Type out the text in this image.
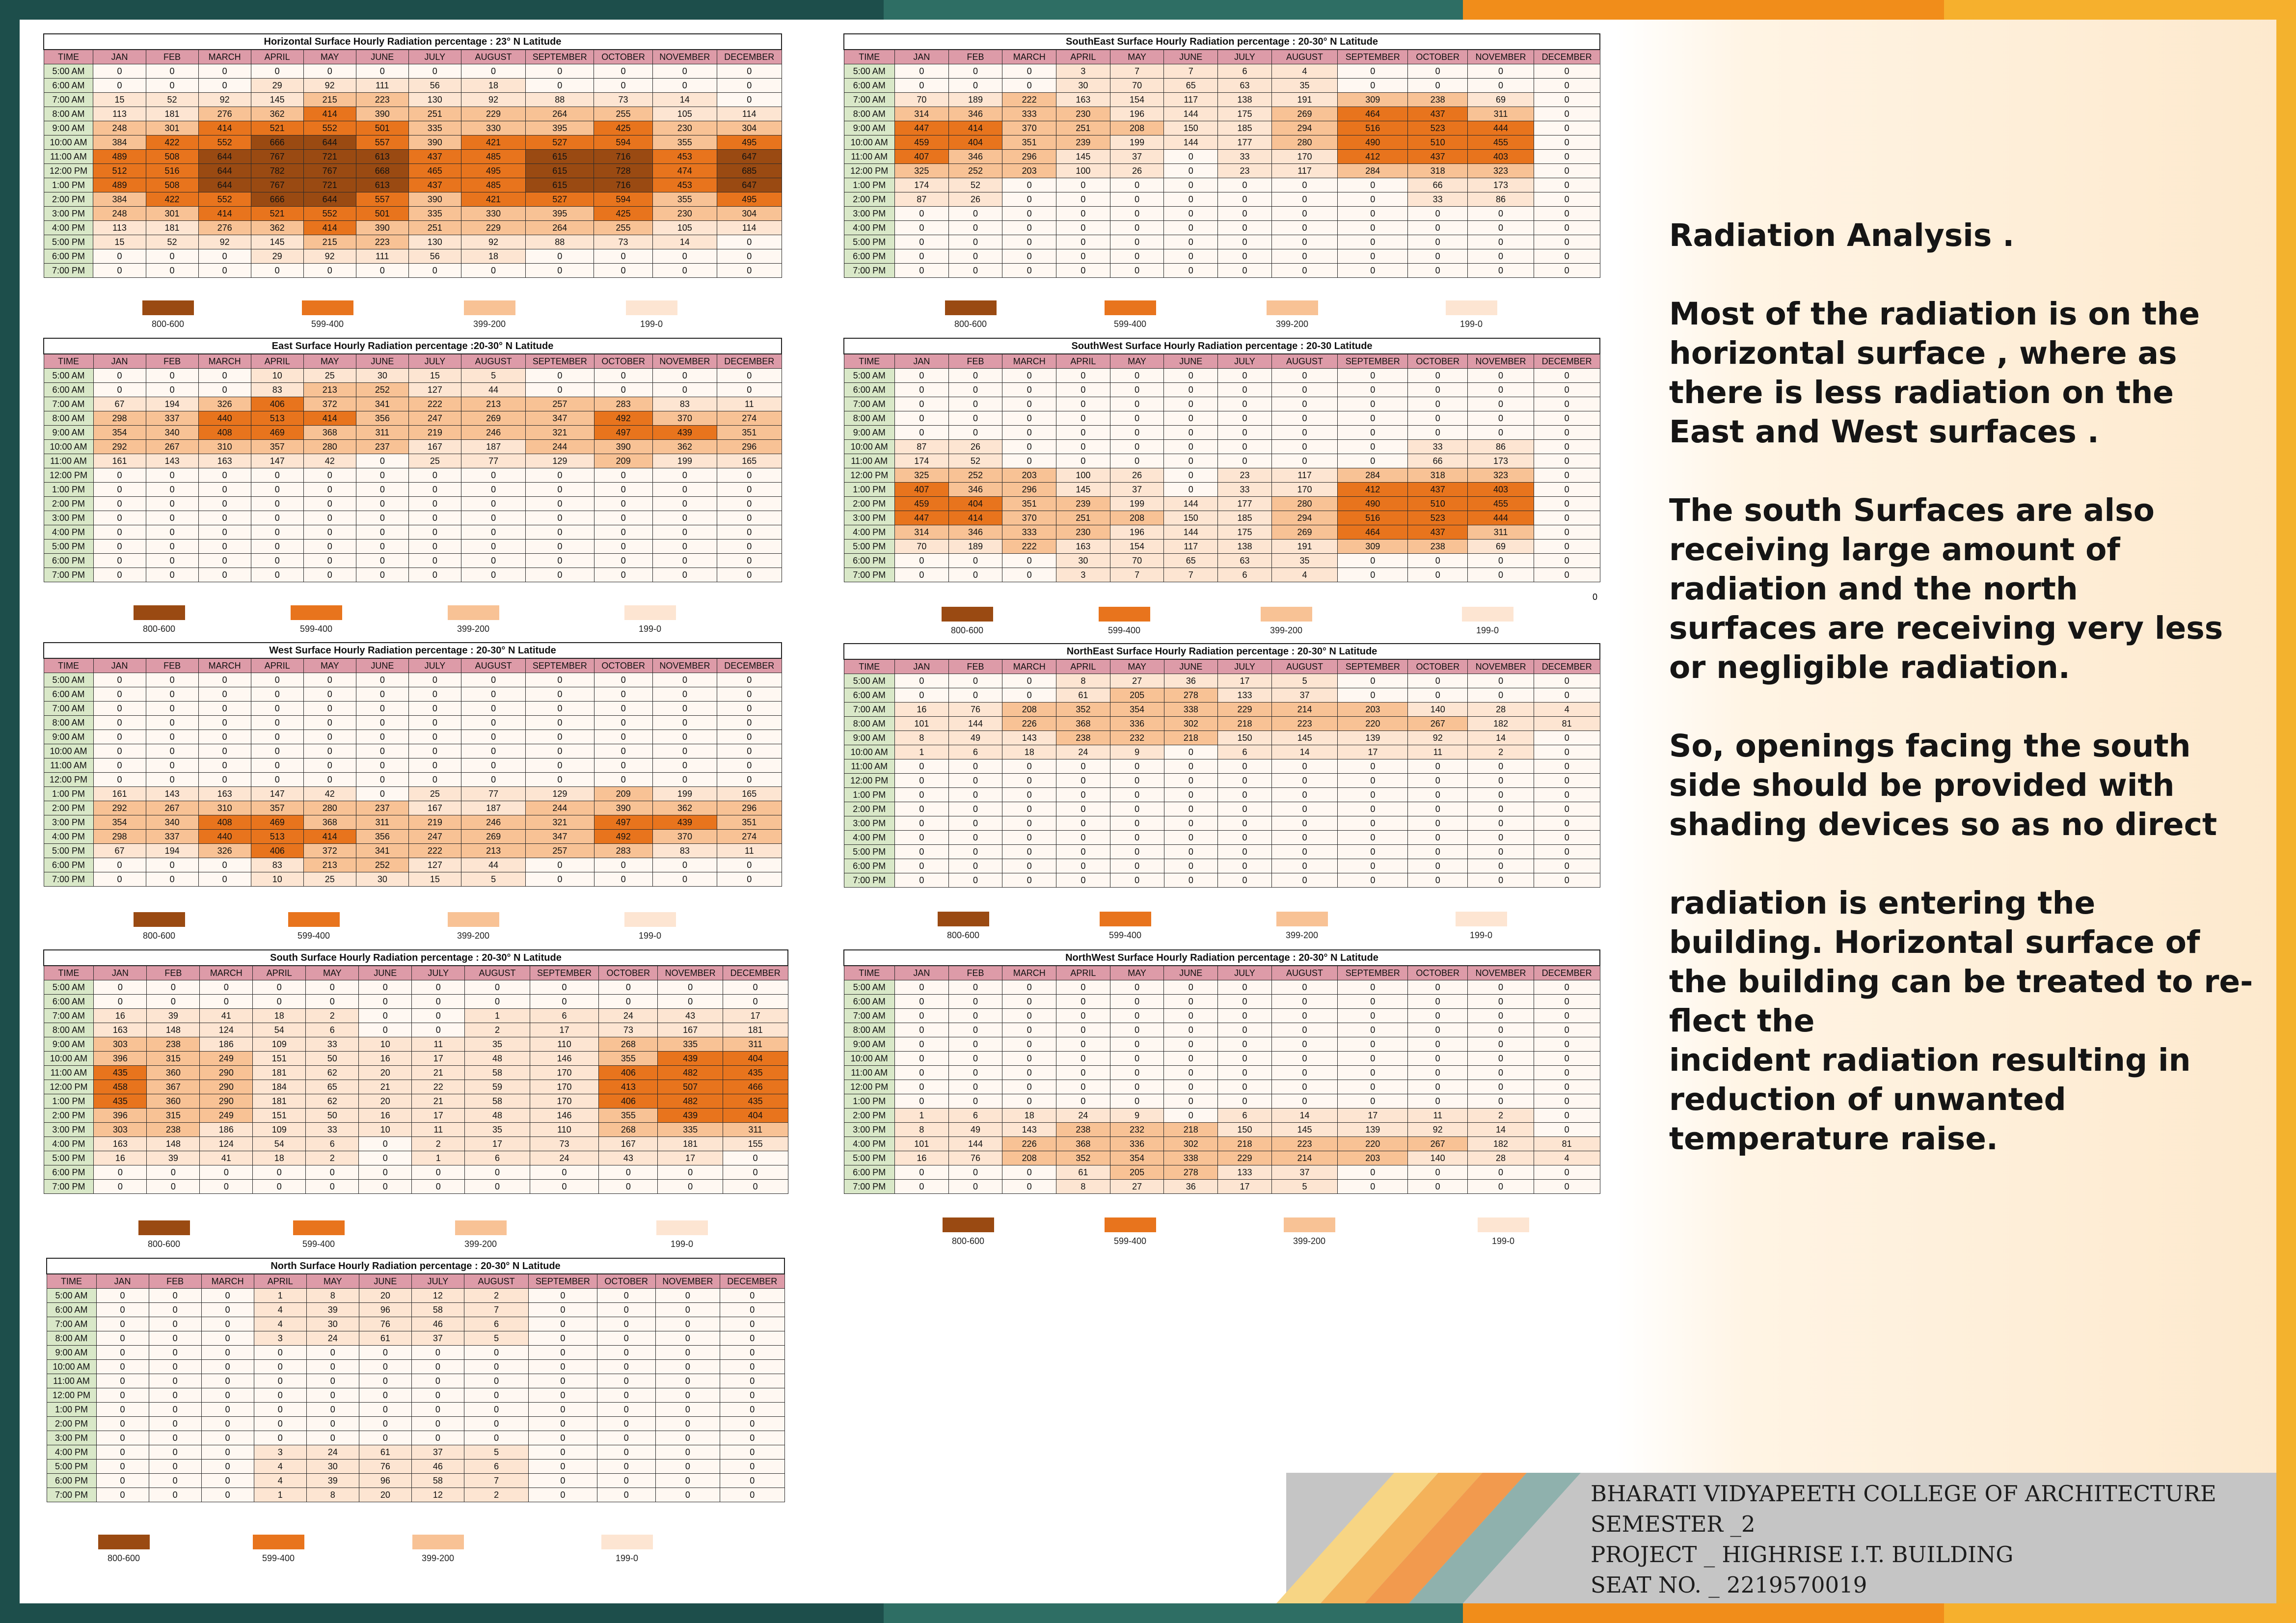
Horizontal Surface Hourly Radiation percentage : 23° N Latitude												
TIME	JAN	FEB	MARCH	APRIL	MAY	JUNE	JULY	AUGUST	SEPTEMBER	OCTOBER	NOVEMBER	DECEMBER
5:00 AM	0	0	0	0	0	0	0	0	0	0	0	0
6:00 AM	0	0	0	29	92	111	56	18	0	0	0	0
7:00 AM	15	52	92	145	215	223	130	92	88	73	14	0
8:00 AM	113	181	276	362	414	390	251	229	264	255	105	114
9:00 AM	248	301	414	521	552	501	335	330	395	425	230	304
10:00 AM	384	422	552	666	644	557	390	421	527	594	355	495
11:00 AM	489	508	644	767	721	613	437	485	615	716	453	647
12:00 PM	512	516	644	782	767	668	465	495	615	728	474	685
1:00 PM	489	508	644	767	721	613	437	485	615	716	453	647
2:00 PM	384	422	552	666	644	557	390	421	527	594	355	495
3:00 PM	248	301	414	521	552	501	335	330	395	425	230	304
4:00 PM	113	181	276	362	414	390	251	229	264	255	105	114
5:00 PM	15	52	92	145	215	223	130	92	88	73	14	0
6:00 PM	0	0	0	29	92	111	56	18	0	0	0	0
7:00 PM	0	0	0	0	0	0	0	0	0	0	0	0
East Surface Hourly Radiation percentage :20-30° N Latitude												
TIME	JAN	FEB	MARCH	APRIL	MAY	JUNE	JULY	AUGUST	SEPTEMBER	OCTOBER	NOVEMBER	DECEMBER
5:00 AM	0	0	0	10	25	30	15	5	0	0	0	0
6:00 AM	0	0	0	83	213	252	127	44	0	0	0	0
7:00 AM	67	194	326	406	372	341	222	213	257	283	83	11
8:00 AM	298	337	440	513	414	356	247	269	347	492	370	274
9:00 AM	354	340	408	469	368	311	219	246	321	497	439	351
10:00 AM	292	267	310	357	280	237	167	187	244	390	362	296
11:00 AM	161	143	163	147	42	0	25	77	129	209	199	165
12:00 PM	0	0	0	0	0	0	0	0	0	0	0	0
1:00 PM	0	0	0	0	0	0	0	0	0	0	0	0
2:00 PM	0	0	0	0	0	0	0	0	0	0	0	0
3:00 PM	0	0	0	0	0	0	0	0	0	0	0	0
4:00 PM	0	0	0	0	0	0	0	0	0	0	0	0
5:00 PM	0	0	0	0	0	0	0	0	0	0	0	0
6:00 PM	0	0	0	0	0	0	0	0	0	0	0	0
7:00 PM	0	0	0	0	0	0	0	0	0	0	0	0
West Surface Hourly Radiation percentage : 20-30° N Latitude												
TIME	JAN	FEB	MARCH	APRIL	MAY	JUNE	JULY	AUGUST	SEPTEMBER	OCTOBER	NOVEMBER	DECEMBER
5:00 AM	0	0	0	0	0	0	0	0	0	0	0	0
6:00 AM	0	0	0	0	0	0	0	0	0	0	0	0
7:00 AM	0	0	0	0	0	0	0	0	0	0	0	0
8:00 AM	0	0	0	0	0	0	0	0	0	0	0	0
9:00 AM	0	0	0	0	0	0	0	0	0	0	0	0
10:00 AM	0	0	0	0	0	0	0	0	0	0	0	0
11:00 AM	0	0	0	0	0	0	0	0	0	0	0	0
12:00 PM	0	0	0	0	0	0	0	0	0	0	0	0
1:00 PM	161	143	163	147	42	0	25	77	129	209	199	165
2:00 PM	292	267	310	357	280	237	167	187	244	390	362	296
3:00 PM	354	340	408	469	368	311	219	246	321	497	439	351
4:00 PM	298	337	440	513	414	356	247	269	347	492	370	274
5:00 PM	67	194	326	406	372	341	222	213	257	283	83	11
6:00 PM	0	0	0	83	213	252	127	44	0	0	0	0
7:00 PM	0	0	0	10	25	30	15	5	0	0	0	0
South Surface Hourly Radiation percentage : 20-30° N Latitude												
TIME	JAN	FEB	MARCH	APRIL	MAY	JUNE	JULY	AUGUST	SEPTEMBER	OCTOBER	NOVEMBER	DECEMBER
5:00 AM	0	0	0	0	0	0	0	0	0	0	0	0
6:00 AM	0	0	0	0	0	0	0	0	0	0	0	0
7:00 AM	16	39	41	18	2	0	0	1	6	24	43	17
8:00 AM	163	148	124	54	6	0	0	2	17	73	167	181
9:00 AM	303	238	186	109	33	10	11	35	110	268	335	311
10:00 AM	396	315	249	151	50	16	17	48	146	355	439	404
11:00 AM	435	360	290	181	62	20	21	58	170	406	482	435
12:00 PM	458	367	290	184	65	21	22	59	170	413	507	466
1:00 PM	435	360	290	181	62	20	21	58	170	406	482	435
2:00 PM	396	315	249	151	50	16	17	48	146	355	439	404
3:00 PM	303	238	186	109	33	10	11	35	110	268	335	311
4:00 PM	163	148	124	54	6	0	2	17	73	167	181	155
5:00 PM	16	39	41	18	2	0	1	6	24	43	17	0
6:00 PM	0	0	0	0	0	0	0	0	0	0	0	0
7:00 PM	0	0	0	0	0	0	0	0	0	0	0	0
North Surface Hourly Radiation percentage : 20-30° N Latitude												
TIME	JAN	FEB	MARCH	APRIL	MAY	JUNE	JULY	AUGUST	SEPTEMBER	OCTOBER	NOVEMBER	DECEMBER
5:00 AM	0	0	0	1	8	20	12	2	0	0	0	0
6:00 AM	0	0	0	4	39	96	58	7	0	0	0	0
7:00 AM	0	0	0	4	30	76	46	6	0	0	0	0
8:00 AM	0	0	0	3	24	61	37	5	0	0	0	0
9:00 AM	0	0	0	0	0	0	0	0	0	0	0	0
10:00 AM	0	0	0	0	0	0	0	0	0	0	0	0
11:00 AM	0	0	0	0	0	0	0	0	0	0	0	0
12:00 PM	0	0	0	0	0	0	0	0	0	0	0	0
1:00 PM	0	0	0	0	0	0	0	0	0	0	0	0
2:00 PM	0	0	0	0	0	0	0	0	0	0	0	0
3:00 PM	0	0	0	0	0	0	0	0	0	0	0	0
4:00 PM	0	0	0	3	24	61	37	5	0	0	0	0
5:00 PM	0	0	0	4	30	76	46	6	0	0	0	0
6:00 PM	0	0	0	4	39	96	58	7	0	0	0	0
7:00 PM	0	0	0	1	8	20	12	2	0	0	0	0
SouthEast Surface Hourly Radiation percentage : 20-30° N Latitude												
TIME	JAN	FEB	MARCH	APRIL	MAY	JUNE	JULY	AUGUST	SEPTEMBER	OCTOBER	NOVEMBER	DECEMBER
5:00 AM	0	0	0	3	7	7	6	4	0	0	0	0
6:00 AM	0	0	0	30	70	65	63	35	0	0	0	0
7:00 AM	70	189	222	163	154	117	138	191	309	238	69	0
8:00 AM	314	346	333	230	196	144	175	269	464	437	311	0
9:00 AM	447	414	370	251	208	150	185	294	516	523	444	0
10:00 AM	459	404	351	239	199	144	177	280	490	510	455	0
11:00 AM	407	346	296	145	37	0	33	170	412	437	403	0
12:00 PM	325	252	203	100	26	0	23	117	284	318	323	0
1:00 PM	174	52	0	0	0	0	0	0	0	66	173	0
2:00 PM	87	26	0	0	0	0	0	0	0	33	86	0
3:00 PM	0	0	0	0	0	0	0	0	0	0	0	0
4:00 PM	0	0	0	0	0	0	0	0	0	0	0	0
5:00 PM	0	0	0	0	0	0	0	0	0	0	0	0
6:00 PM	0	0	0	0	0	0	0	0	0	0	0	0
7:00 PM	0	0	0	0	0	0	0	0	0	0	0	0
SouthWest Surface Hourly Radiation percentage : 20-30 Latitude												
TIME	JAN	FEB	MARCH	APRIL	MAY	JUNE	JULY	AUGUST	SEPTEMBER	OCTOBER	NOVEMBER	DECEMBER
5:00 AM	0	0	0	0	0	0	0	0	0	0	0	0
6:00 AM	0	0	0	0	0	0	0	0	0	0	0	0
7:00 AM	0	0	0	0	0	0	0	0	0	0	0	0
8:00 AM	0	0	0	0	0	0	0	0	0	0	0	0
9:00 AM	0	0	0	0	0	0	0	0	0	0	0	0
10:00 AM	87	26	0	0	0	0	0	0	0	33	86	0
11:00 AM	174	52	0	0	0	0	0	0	0	66	173	0
12:00 PM	325	252	203	100	26	0	23	117	284	318	323	0
1:00 PM	407	346	296	145	37	0	33	170	412	437	403	0
2:00 PM	459	404	351	239	199	144	177	280	490	510	455	0
3:00 PM	447	414	370	251	208	150	185	294	516	523	444	0
4:00 PM	314	346	333	230	196	144	175	269	464	437	311	0
5:00 PM	70	189	222	163	154	117	138	191	309	238	69	0
6:00 PM	0	0	0	30	70	65	63	35	0	0	0	0
7:00 PM	0	0	0	3	7	7	6	4	0	0	0	0
NorthEast Surface Hourly Radiation percentage : 20-30° N Latitude												
TIME	JAN	FEB	MARCH	APRIL	MAY	JUNE	JULY	AUGUST	SEPTEMBER	OCTOBER	NOVEMBER	DECEMBER
5:00 AM	0	0	0	8	27	36	17	5	0	0	0	0
6:00 AM	0	0	0	61	205	278	133	37	0	0	0	0
7:00 AM	16	76	208	352	354	338	229	214	203	140	28	4
8:00 AM	101	144	226	368	336	302	218	223	220	267	182	81
9:00 AM	8	49	143	238	232	218	150	145	139	92	14	0
10:00 AM	1	6	18	24	9	0	6	14	17	11	2	0
11:00 AM	0	0	0	0	0	0	0	0	0	0	0	0
12:00 PM	0	0	0	0	0	0	0	0	0	0	0	0
1:00 PM	0	0	0	0	0	0	0	0	0	0	0	0
2:00 PM	0	0	0	0	0	0	0	0	0	0	0	0
3:00 PM	0	0	0	0	0	0	0	0	0	0	0	0
4:00 PM	0	0	0	0	0	0	0	0	0	0	0	0
5:00 PM	0	0	0	0	0	0	0	0	0	0	0	0
6:00 PM	0	0	0	0	0	0	0	0	0	0	0	0
7:00 PM	0	0	0	0	0	0	0	0	0	0	0	0
NorthWest Surface Hourly Radiation percentage : 20-30° N Latitude												
TIME	JAN	FEB	MARCH	APRIL	MAY	JUNE	JULY	AUGUST	SEPTEMBER	OCTOBER	NOVEMBER	DECEMBER
5:00 AM	0	0	0	0	0	0	0	0	0	0	0	0
6:00 AM	0	0	0	0	0	0	0	0	0	0	0	0
7:00 AM	0	0	0	0	0	0	0	0	0	0	0	0
8:00 AM	0	0	0	0	0	0	0	0	0	0	0	0
9:00 AM	0	0	0	0	0	0	0	0	0	0	0	0
10:00 AM	0	0	0	0	0	0	0	0	0	0	0	0
11:00 AM	0	0	0	0	0	0	0	0	0	0	0	0
12:00 PM	0	0	0	0	0	0	0	0	0	0	0	0
1:00 PM	0	0	0	0	0	0	0	0	0	0	0	0
2:00 PM	1	6	18	24	9	0	6	14	17	11	2	0
3:00 PM	8	49	143	238	232	218	150	145	139	92	14	0
4:00 PM	101	144	226	368	336	302	218	223	220	267	182	81
5:00 PM	16	76	208	352	354	338	229	214	203	140	28	4
6:00 PM	0	0	0	61	205	278	133	37	0	0	0	0
7:00 PM	0	0	0	8	27	36	17	5	0	0	0	0
0
800-600	599-400	399-200	199-0
800-600	599-400	399-200	199-0
800-600	599-400	399-200	199-0
800-600	599-400	399-200	199-0
800-600	599-400	399-200	199-0
800-600	599-400	399-200	199-0
800-600	599-400	399-200	199-0
800-600	599-400	399-200	199-0
800-600	599-400	399-200	199-0

Radiation Analysis .

Most of the radiation is on the
horizontal surface , where as
there is less radiation on the
East and West surfaces .

The south Surfaces are also
receiving large amount of
radiation and the north
surfaces are receiving very less
or negligible radiation.

So, openings facing the south
side should be provided with
shading devices so as no direct

radiation is entering the
building. Horizontal surface of
the building can be treated to re-
flect the
incident radiation resulting in
reduction of unwanted
temperature raise.

BHARATI VIDYAPEETH COLLEGE OF ARCHITECTURE
SEMESTER _2
PROJECT _ HIGHRISE I.T. BUILDING
SEAT NO. _ 2219570019
